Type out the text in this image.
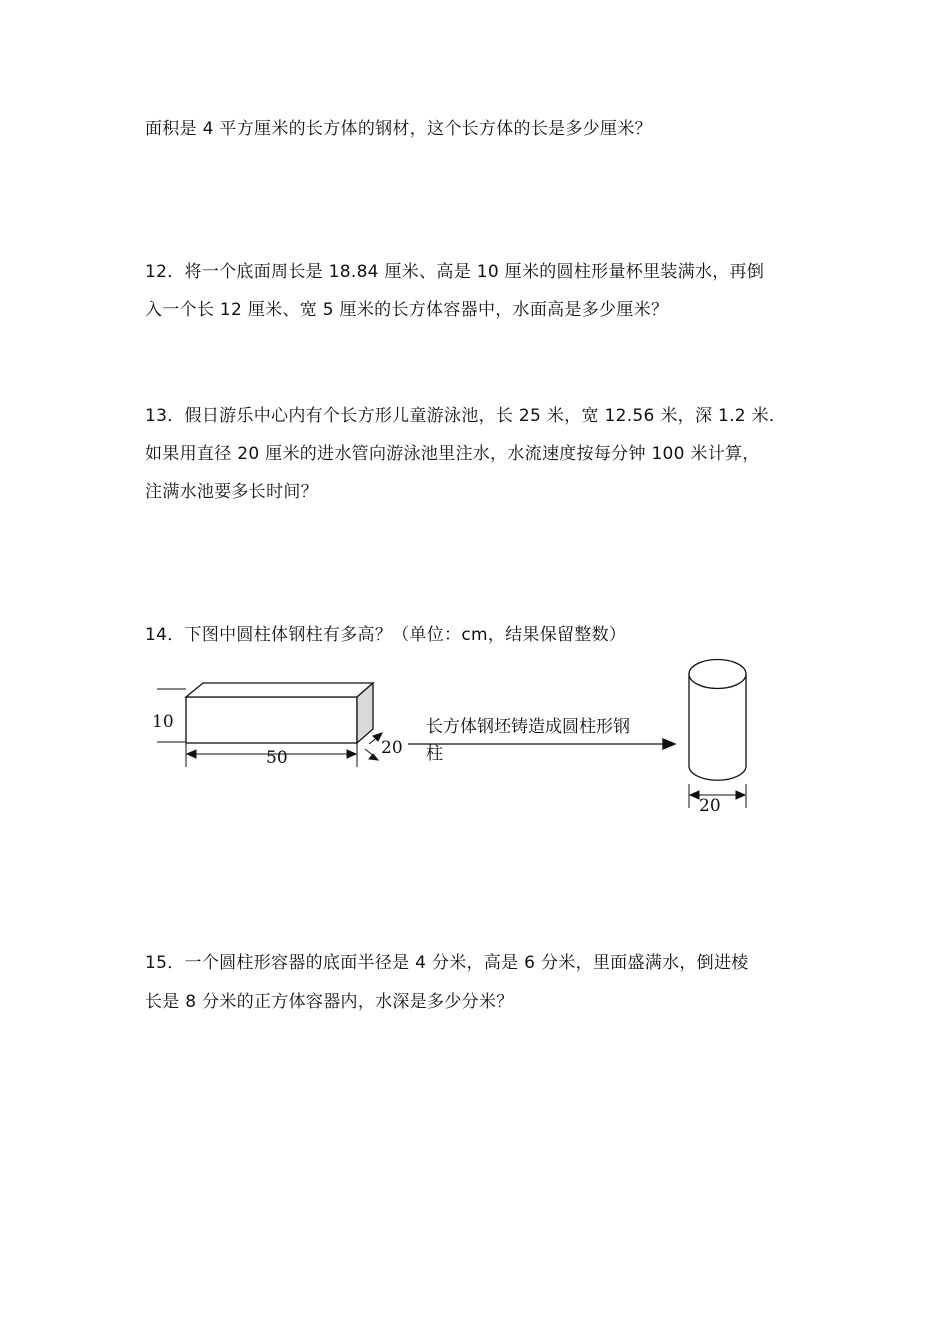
面积是 4 平方厘米的长方体的钢材，这个长方体的长是多少厘米？
12．将一个底面周长是 18.84 厘米、高是 10 厘米的圆柱形量杯里装满水，再倒
入一个长 12 厘米、宽 5 厘米的长方体容器中，水面高是多少厘米？
13．假日游乐中心内有个长方形儿童游泳池，长 25 米，宽 12.56 米，深 1.2 米．
如果用直径 20 厘米的进水管向游泳池里注水，水流速度按每分钟 100 米计算，
注满水池要多长时间？
14．下图中圆柱体钢柱有多高？（单位：cm，结果保留整数）
10
50	20
长方体钢坯铸造成圆柱形钢
柱
20
15．一个圆柱形容器的底面半径是 4 分米，高是 6 分米，里面盛满水，倒进棱
长是 8 分米的正方体容器内，水深是多少分米？
